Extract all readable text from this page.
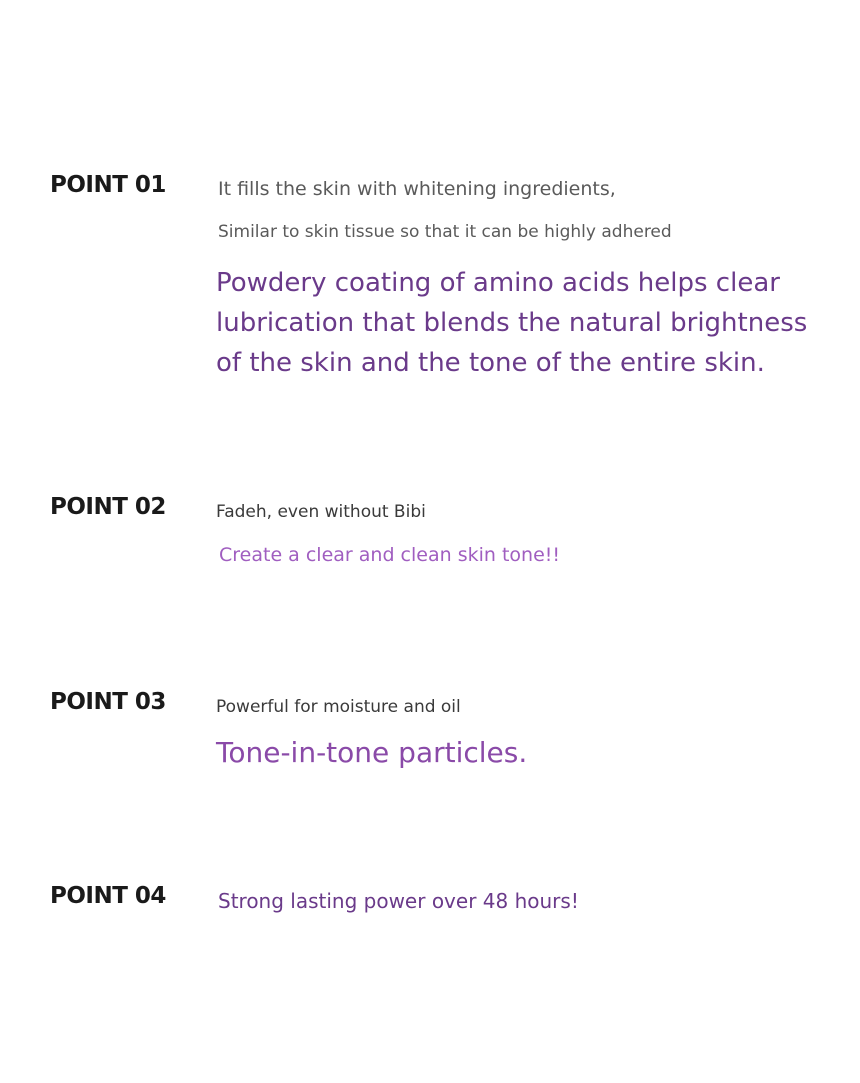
POINT 01	It fills the skin with whitening ingredients,
Similar to skin tissue so that it can be highly adhered
Powdery coating of amino acids helps clear
lubrication that blends the natural brightness
of the skin and the tone of the entire skin.
POINT 02	Fadeh, even without Bibi
Create a clear and clean skin tone!!
POINT 03	Powerful for moisture and oil
Tone-in-tone particles.
POINT 04	Strong lasting power over 48 hours!
